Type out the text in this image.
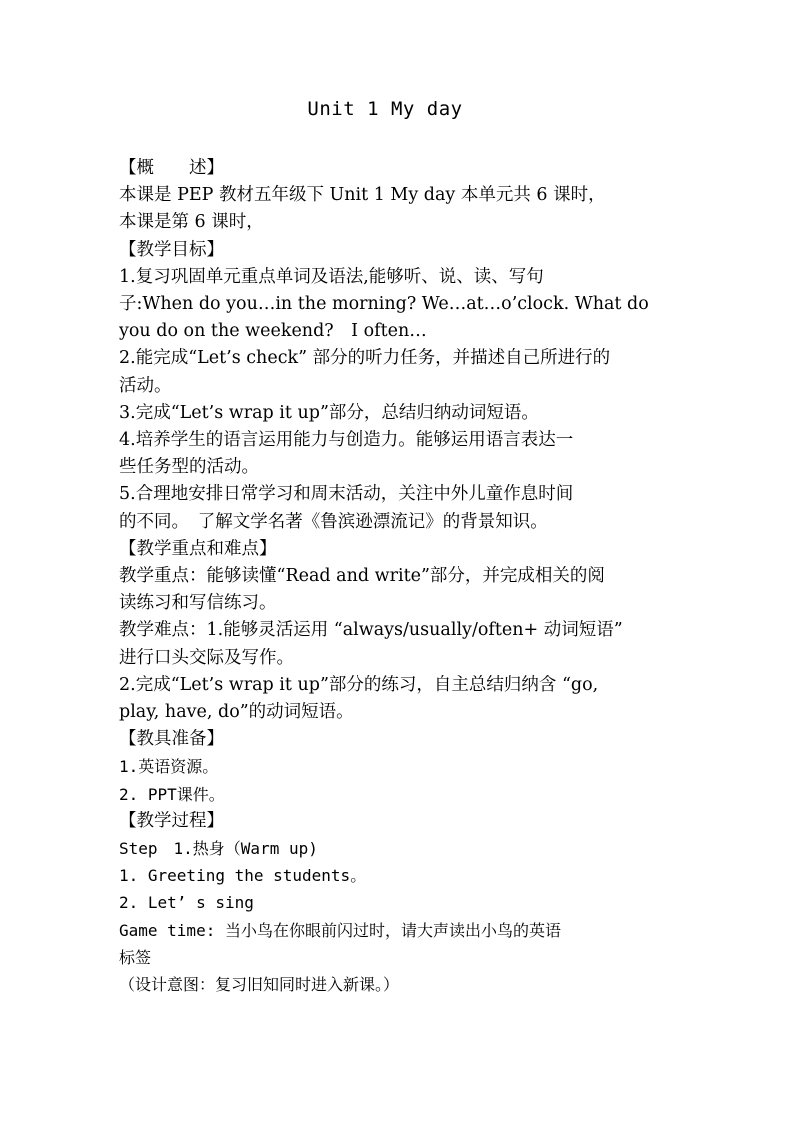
Unit 1 My day
【概　　述】
本课是 PEP 教材五年级下 Unit 1 My day 本单元共 6 课时，
本课是第 6 课时，
【教学目标】
1.复习巩固单元重点单词及语法,能够听、说、读、写句
子:When do you…in the morning? We…at…o’clock. What do
you do on the weekend?　I often…
2.能完成“Let’s check” 部分的听力任务，并描述自己所进行的
活动。
3.完成“Let’s wrap it up”部分，总结归纳动词短语。
4.培养学生的语言运用能力与创造力。能够运用语言表达一
些任务型的活动。
5.合理地安排日常学习和周末活动，关注中外儿童作息时间
的不同。　了解文学名著《鲁滨逊漂流记》的背景知识。
【教学重点和难点】
教学重点：能够读懂“Read and write”部分，并完成相关的阅
读练习和写信练习。
教学难点：1.能够灵活运用 “always/usually/often+ 动词短语”
进行口头交际及写作。
2.完成“Let’s wrap it up”部分的练习，自主总结归纳含 “go,
play, have, do”的动词短语。
【教具准备】
1.英语资源。
2. PPT课件。
【教学过程】
Step　1.热身（Warm up)
1. Greeting the students。
2. Let’ s sing
Game time: 当小鸟在你眼前闪过时，请大声读出小鸟的英语
标签
（设计意图：复习旧知同时进入新课。）
